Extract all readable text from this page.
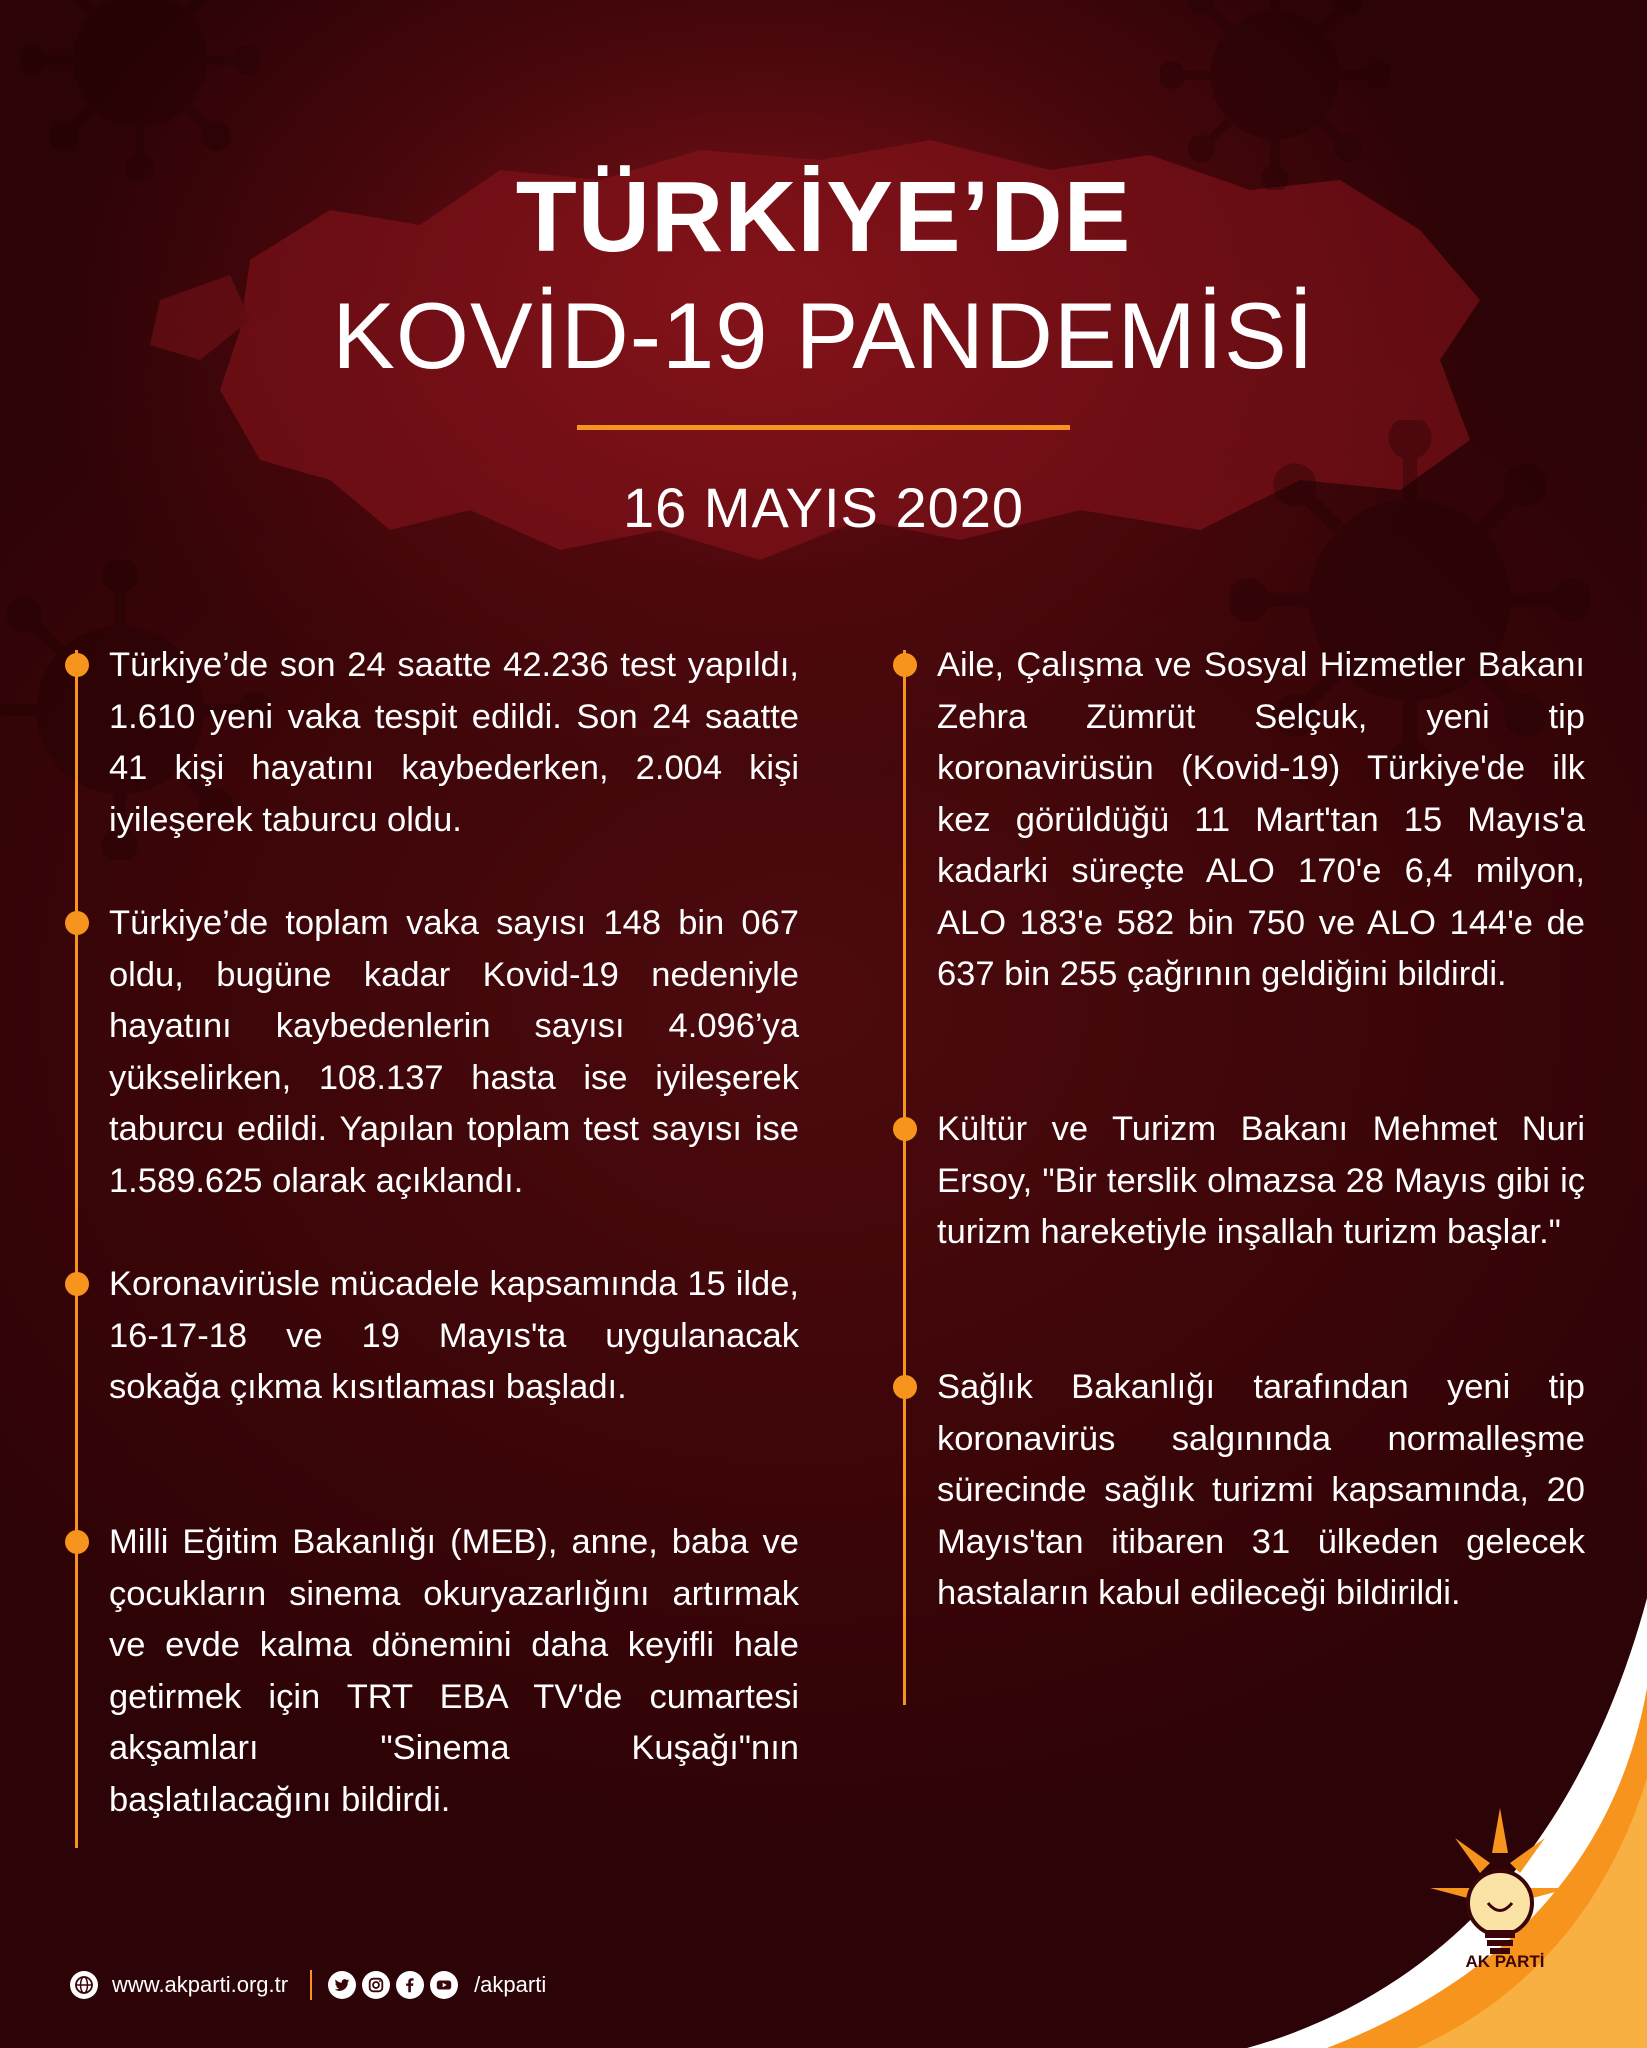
AK PARTİ
TÜRKİYE’DE
KOVİD-19 PANDEMİSİ
16 MAYIS 2020
Türkiye’de son 24 saatte 42.236 test yapıldı, 1.610 yeni vaka tespit edildi. Son 24 saatte 41 kişi hayatını kaybederken, 2.004 kişi iyileşerek taburcu oldu.
Türkiye’de toplam vaka sayısı 148 bin 067 oldu, bugüne kadar Kovid-19 nedeniyle hayatını kaybedenlerin sayısı 4.096’ya yükselirken, 108.137 hasta ise iyileşerek taburcu edildi. Yapılan toplam test sayısı ise 1.589.625 olarak açıklandı.
Koronavirüsle mücadele kapsamında 15 ilde, 16-17-18 ve 19 Mayıs'ta uygulanacak sokağa çıkma kısıtlaması başladı.
Milli Eğitim Bakanlığı (MEB), anne, baba ve çocukların sinema okuryazarlığını artırmak ve evde kalma dönemini daha keyifli hale getirmek için TRT EBA TV'de cumartesi akşamları "Sinema Kuşağı"nın başlatılacağını bildirdi.
Aile, Çalışma ve Sosyal Hizmetler Bakanı Zehra Zümrüt Selçuk, yeni tip koronavirüsün (Kovid-19) Türkiye'de ilk kez görüldüğü 11 Mart'tan 15 Mayıs'a kadarki süreçte ALO 170'e 6,4 milyon, ALO 183'e 582 bin 750 ve ALO 144'e de 637 bin 255 çağrının geldiğini bildirdi.
Kültür ve Turizm Bakanı Mehmet Nuri Ersoy, "Bir terslik olmazsa 28 Mayıs gibi iç turizm hareketiyle inşallah turizm başlar."
Sağlık Bakanlığı tarafından yeni tip koronavirüs salgınında normalleşme sürecinde sağlık turizmi kapsamında, 20 Mayıs'tan itibaren 31 ülkeden gelecek hastaların kabul edileceği bildirildi.
www.akparti.org.tr	/akparti
